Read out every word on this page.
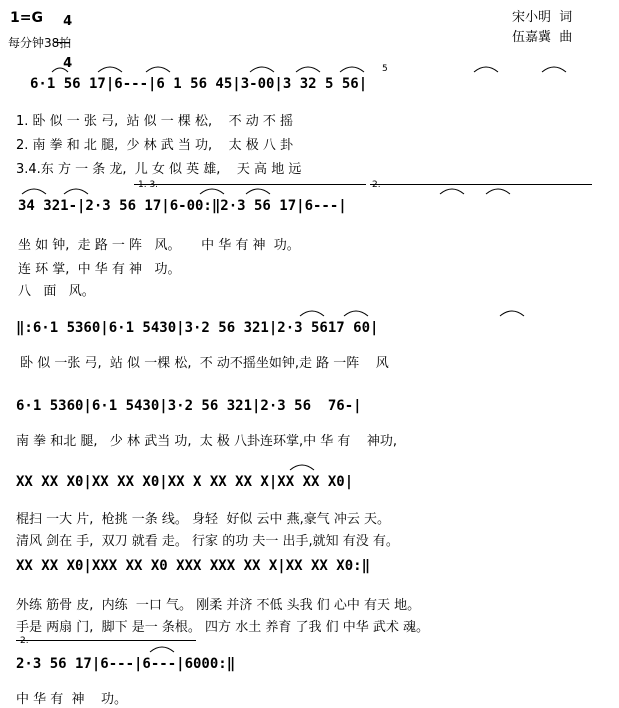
1=G	4

4

每分钟38拍
宋小明  词
伍嘉冀  曲
6·1 56 17|6---|6 1 56 45|3-00|3 32 5 56|
1. 卧 似 一 张 弓,  站 似 一 棵 松,    不 动 不 摇
2. 南 拳 和 北 腿,  少 林 武 当 功,    太 极 八 卦
3.4.东 方 一 条 龙,  儿 女 似 英 雄,    天 高 地 远
5
1. 3.	2.
34 321-|2·3 56 17|6-00:‖2·3 56 17|6---|
坐 如 钟,  走 路 一 阵   风。     中 华 有 神  功。
连 环 掌,  中 华 有 神   功。
八   面   风。
‖:6·1 5360|6·1 5430|3·2 56 321|2·3 5617 60|
卧 似 一张 弓,  站 似 一棵 松,  不 动不摇坐如钟,走 路 一阵    风
6·1 5360|6·1 5430|3·2 56 321|2·3 56  76-|
南 拳 和北 腿,   少 林 武当 功,  太 极 八卦连环掌,中 华 有    神功,
XX XX X0|XX XX X0|XX X XX XX X|XX XX X0|
棍扫 一大 片,  枪挑 一条 线。 身轻  好似 云中 燕,豪气 冲云 天。
清风 剑在 手,  双刀 就看 走。 行家 的功 夫一 出手,就知 有没 有。
XX XX X0|XXX XX X0 XXX XXX XX X|XX XX X0:‖
外练 筋骨 皮,  内练  一口 气。 刚柔 并济 不低 头我 们 心中 有天 地。
手是 两扇 门,  脚下 是一 条根。 四方 水土 养育 了我 们 中华 武术 魂。
2.
2·3 56 17|6---|6---|6000:‖
中 华 有  神    功。
